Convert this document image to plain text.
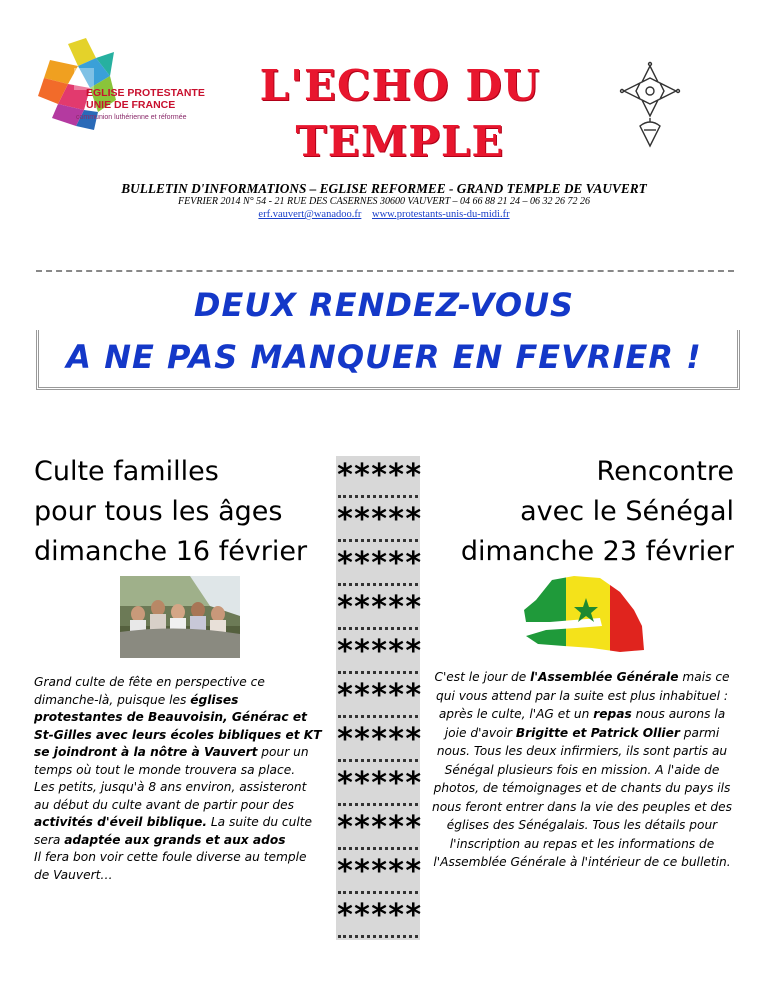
EGLISE PROTESTANTE
UNIE DE FRANCE
communion luthérienne et réformée
L'ECHO DU
TEMPLE
BULLETIN D'INFORMATIONS – EGLISE REFORMEE - GRAND TEMPLE DE VAUVERT
FEVRIER 2014 N° 54 - 21 RUE DES CASERNES 30600 VAUVERT – 04 66 88 21 24 – 06 32 26 72 26
erf.vauvert@wanadoo.fr www.protestants-unis-du-midi.fr
DEUX RENDEZ-VOUS
A NE PAS MANQUER EN FEVRIER !
Culte familles
pour tous les âges
dimanche 16 février
Rencontre
avec le Sénégal
dimanche 23 février
*****
*****
*****
*****
*****
*****
*****
*****
*****
*****
*****
Grand culte de fête en perspective ce dimanche-là, puisque les églises protestantes de Beauvoisin, Générac et St-Gilles avec leurs écoles bibliques et KT se joindront à la nôtre à Vauvert pour un temps où tout le monde trouvera sa place.
Les petits, jusqu'à 8 ans environ, assisteront au début du culte avant de partir pour des activités d'éveil biblique. La suite du culte sera adaptée aux grands et aux ados
Il fera bon voir cette foule diverse au temple de Vauvert…
C'est le jour de l'Assemblée Générale mais ce qui vous attend par la suite est plus inhabituel : après le culte, l'AG et un repas nous aurons la joie d'avoir Brigitte et Patrick Ollier parmi nous. Tous les deux infirmiers, ils sont partis au Sénégal plusieurs fois en mission. A l'aide de photos, de témoignages et de chants du pays ils nous feront entrer dans la vie des peuples et des églises des Sénégalais. Tous les détails pour l'inscription au repas et les informations de l'Assemblée Générale à l'intérieur de ce bulletin.
